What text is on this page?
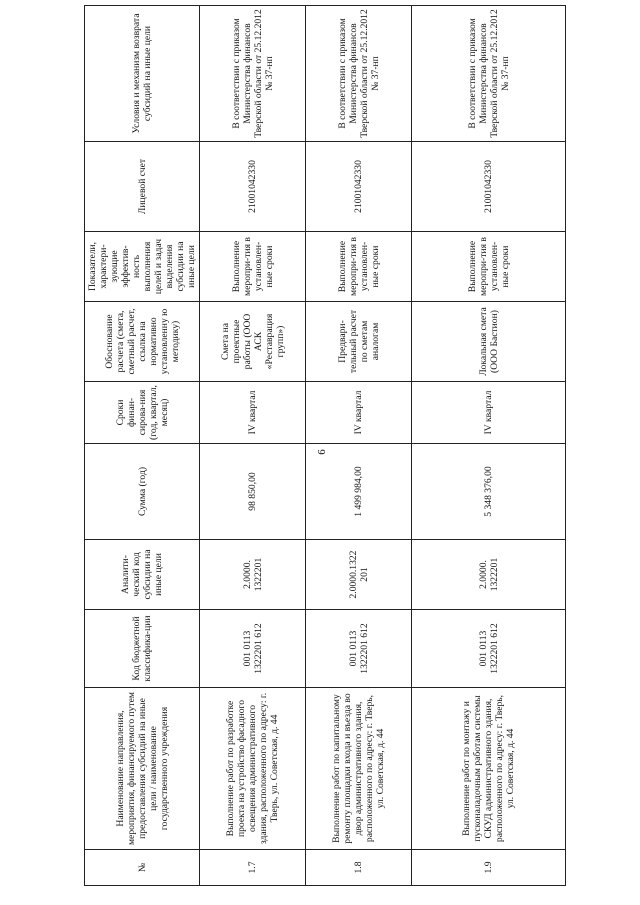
6
№	Наименование направления, мероприятия, финансируемого путем предоставления субсидий на иные цели / наименование государственного учреждения	Код бюджетной классифика-ции	Аналити-ческий код субсидии на иные цели	Сумма (год)	Сроки финан-сирова-ния (год, квартал, месяц)	Обоснование расчета (смета, сметный расчет, ссылка на нормативно установленну ю методику)	Показатели, характери-зующие эффектив-ность выполнения целей и задач выделения субсидии на иные цели	Лицевой счет	Условия и механизм возврата субсидий на иные цели
1.7	Выполнение работ по разработке проекта на устройство фасадного освещения административного здания, расположенного по адресу: г. Тверь, ул. Советская, д. 44	001 0113 1322201 612	2.0000. 1322201	98 850,00	IV квартал	Смета на проектные работы (ООО АСК «Реставрация групп»)	Выполнение меропри-тия в установлен-ные сроки	21001042330	В соответствии с приказом Министерства финансов Тверской области от 25.12.2012 № 37-нп
1.8	Выполнение работ по капитальному ремонту площадки входа и въезда во двор административного здания, расположенного по адресу: г. Тверь, ул. Советская, д. 44	001 0113 1322201 612	2.0000.1322 201	1 499 984,00	IV квартал	Предвари-тельный расчет по сметам аналогам	Выполнение меропри-тия в установлен-ные сроки	21001042330	В соответствии с приказом Министерства финансов Тверской области от 25.12.2012 № 37-нп
1.9	Выполнение работ по монтажу и пусконаладочным работам системы СКУД административного здания, расположенного по адресу: г. Тверь, ул. Советская, д. 44	001 0113 1322201 612	2.0000. 1322201	5 348 376,00	IV квартал	Локальная смета (ООО Бастион)	Выполнение меропри-тия в установлен-ные сроки	21001042330	В соответствии с приказом Министерства финансов Тверской области от 25.12.2012 № 37-нп
